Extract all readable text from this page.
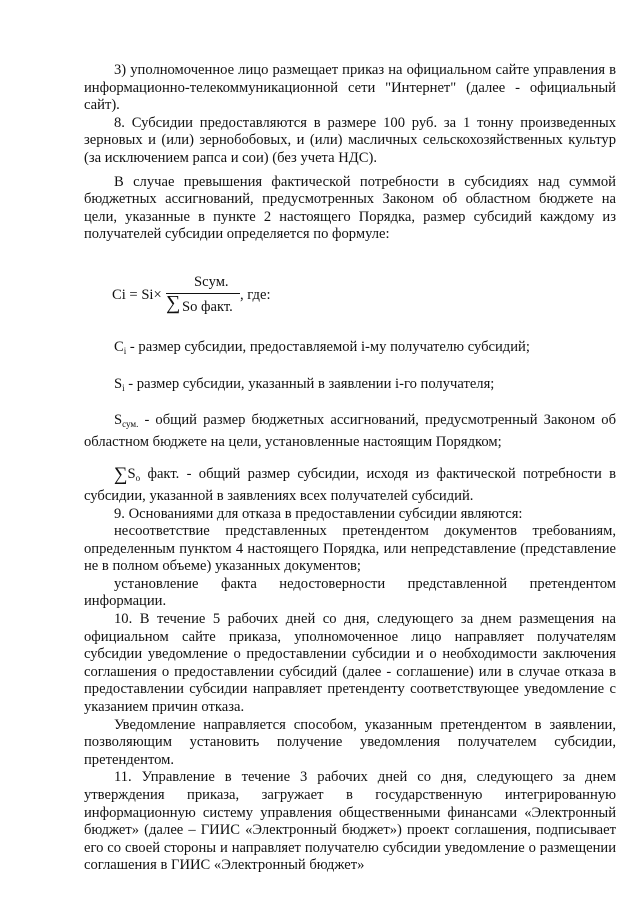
3) уполномоченное лицо размещает приказ на официальном сайте управления в информационно-телекоммуникационной сети "Интернет" (далее - официальный сайт).

8. Субсидии предоставляются в размере 100 руб. за 1 тонну произведенных зерновых и (или) зернобобовых, и (или) масличных сельскохозяйственных культур (за исключением рапса и сои) (без учета НДС).

В случае превышения фактической потребности в субсидиях над суммой бюджетных ассигнований, предусмотренных Законом об областном бюджете на цели, указанные в пункте 2 настоящего Порядка, размер субсидий каждому из получателей субсидии определяется по формуле:

Ci = Si×
Scум.
∑ Sо факт.
, где:

$C_i$ - размер субсидии, предоставляемой i-му получателю субсидий;

$S_i$ - размер субсидии, указанный в заявлении i-го получателя;

$S_{сум.}$ - общий размер бюджетных ассигнований, предусмотренный Законом об областном бюджете на цели, установленные настоящим Порядком;

$\sum S_о$ факт. - общий размер субсидии, исходя из фактической потребности в субсидии, указанной в заявлениях всех получателей субсидий.

9. Основаниями для отказа в предоставлении субсидии являются:

несоответствие представленных претендентом документов требованиям, определенным пунктом 4 настоящего Порядка, или непредставление (представление не в полном объеме) указанных документов;

установление факта недостоверности представленной претендентом информации.

10. В течение 5 рабочих дней со дня, следующего за днем размещения на официальном сайте приказа, уполномоченное лицо направляет получателям субсидии уведомление о предоставлении субсидии и о необходимости заключения соглашения о предоставлении субсидий (далее - соглашение) или в случае отказа в предоставлении субсидии направляет претенденту соответствующее уведомление с указанием причин отказа.

Уведомление направляется способом, указанным претендентом в заявлении, позволяющим установить получение уведомления получателем субсидии, претендентом.

11. Управление в течение 3 рабочих дней со дня, следующего за днем утверждения приказа, загружает в государственную интегрированную информационную систему управления общественными финансами «Электронный бюджет» (далее – ГИИС «Электронный бюджет») проект соглашения, подписывает его со своей стороны и направляет получателю субсидии уведомление о размещении соглашения в ГИИС «Электронный бюджет»
